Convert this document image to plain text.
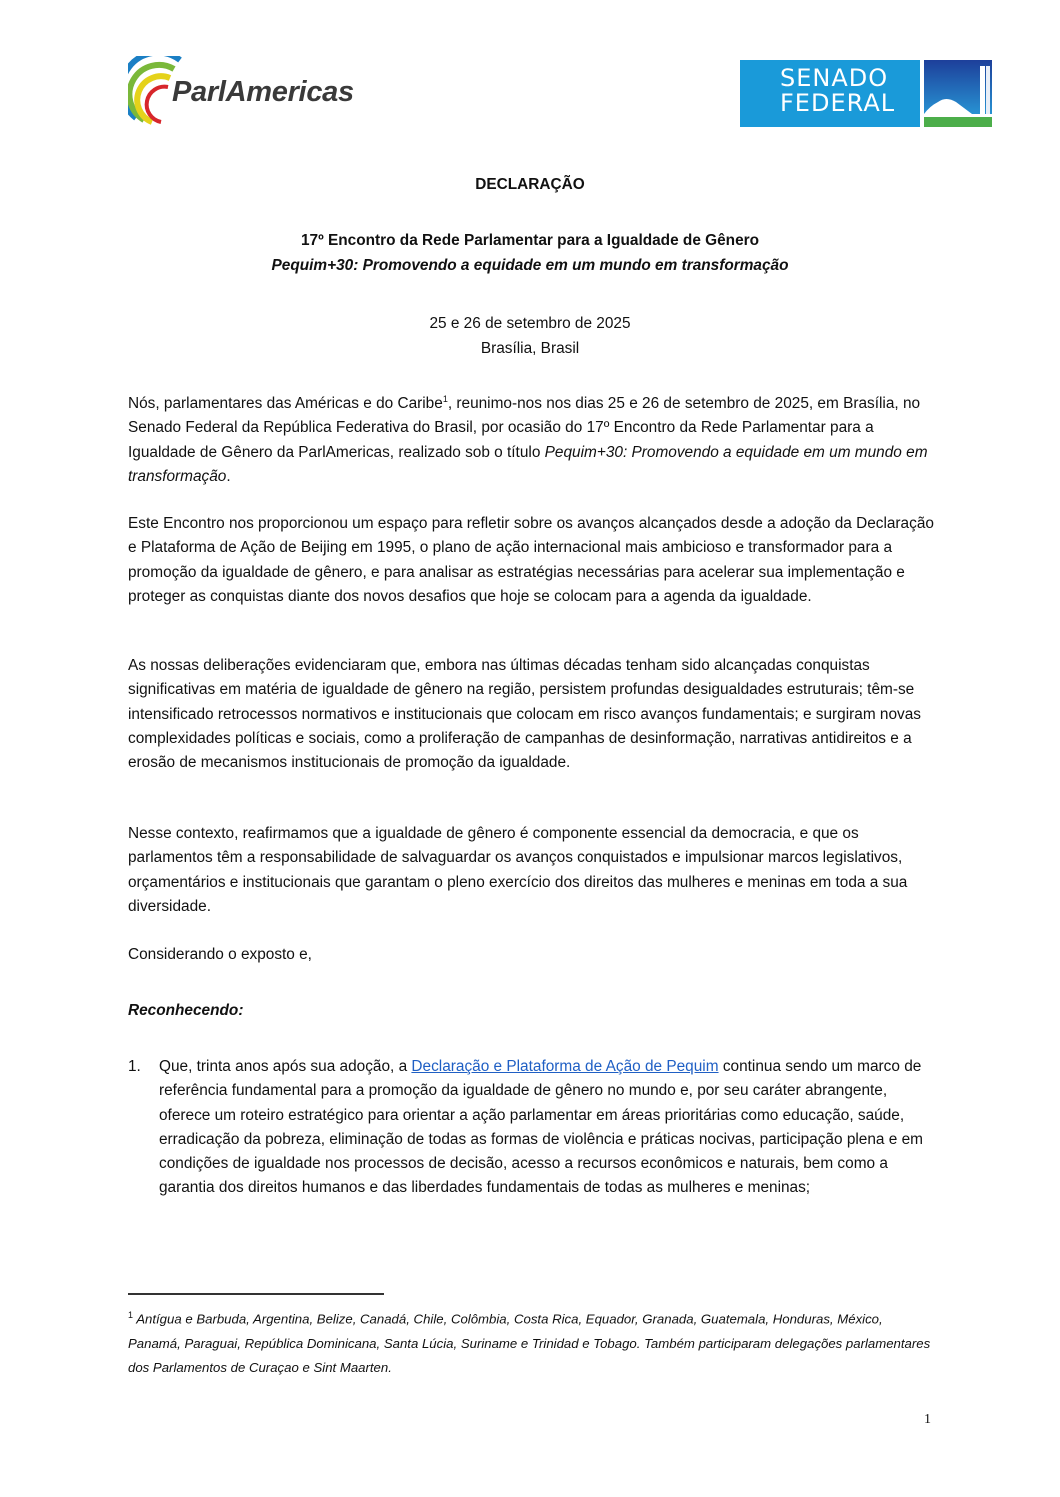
ParlAmericas	SENADO
FEDERAL
DECLARAÇÃO
17º Encontro da Rede Parlamentar para a Igualdade de Gênero
Pequim+30: Promovendo a equidade em um mundo em transformação
25 e 26 de setembro de 2025
Brasília, Brasil

Nós, parlamentares das Américas e do Caribe$^1$, reunimo-nos nos dias 25 e 26 de setembro de 2025, em Brasília, no Senado Federal da República Federativa do Brasil, por ocasião do 17º Encontro da Rede Parlamentar para a Igualdade de Gênero da ParlAmericas, realizado sob o título Pequim+30: Promovendo a equidade em um mundo em transformação.

Este Encontro nos proporcionou um espaço para refletir sobre os avanços alcançados desde a adoção da Declaração e Plataforma de Ação de Beijing em 1995, o plano de ação internacional mais ambicioso e transformador para a promoção da igualdade de gênero, e para analisar as estratégias necessárias para acelerar sua implementação e proteger as conquistas diante dos novos desafios que hoje se colocam para a agenda da igualdade.

As nossas deliberações evidenciaram que, embora nas últimas décadas tenham sido alcançadas conquistas significativas em matéria de igualdade de gênero na região, persistem profundas desigualdades estruturais; têm-se intensificado retrocessos normativos e institucionais que colocam em risco avanços fundamentais; e surgiram novas complexidades políticas e sociais, como a proliferação de campanhas de desinformação, narrativas antidireitos e a erosão de mecanismos institucionais de promoção da igualdade.

Nesse contexto, reafirmamos que a igualdade de gênero é componente essencial da democracia, e que os parlamentos têm a responsabilidade de salvaguardar os avanços conquistados e impulsionar marcos legislativos, orçamentários e institucionais que garantam o pleno exercício dos direitos das mulheres e meninas em toda a sua diversidade.

Considerando o exposto e,

Reconhecendo:

1.	Que, trinta anos após sua adoção, a Declaração e Plataforma de Ação de Pequim continua sendo um marco de referência fundamental para a promoção da igualdade de gênero no mundo e, por seu caráter abrangente, oferece um roteiro estratégico para orientar a ação parlamentar em áreas prioritárias como educação, saúde, erradicação da pobreza, eliminação de todas as formas de violência e práticas nocivas, participação plena e em condições de igualdade nos processos de decisão, acesso a recursos econômicos e naturais, bem como a garantia dos direitos humanos e das liberdades fundamentais de todas as mulheres e meninas;
$^1$ Antígua e Barbuda, Argentina, Belize, Canadá, Chile, Colômbia, Costa Rica, Equador, Granada, Guatemala, Honduras, México, Panamá, Paraguai, República Dominicana, Santa Lúcia, Suriname e Trinidad e Tobago. Também participaram delegações parlamentares dos Parlamentos de Curaçao e Sint Maarten.
1
